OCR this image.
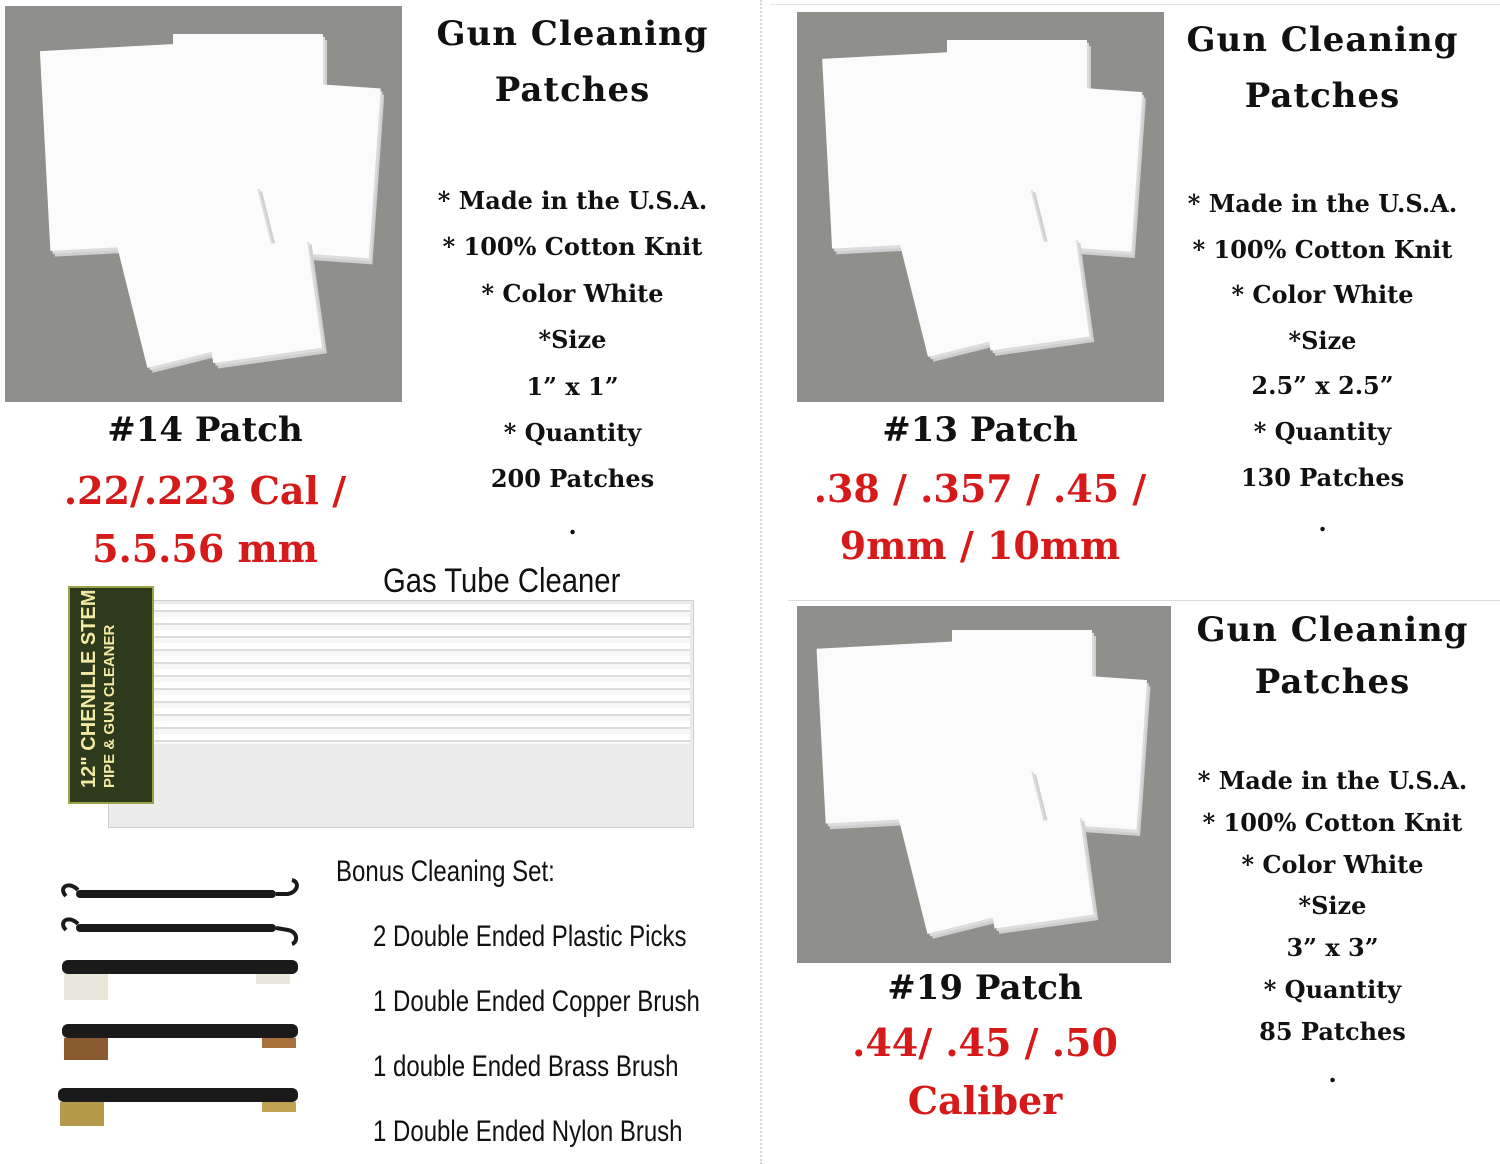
Gun Cleaning
Patches
* Made in the U.S.A.
* 100% Cotton Knit
* Color White
*Size
1” x 1”
* Quantity
200 Patches
.
#14 Patch
.22/.223 Cal /
5.5.56 mm
Gas Tube Cleaner
12" CHENILLE STEM PIPE & GUN CLEANER
Bonus Cleaning Set:
2 Double Ended Plastic Picks
1 Double Ended Copper Brush
1 double Ended Brass Brush
1 Double Ended Nylon Brush
Gun Cleaning
Patches
* Made in the U.S.A.
* 100% Cotton Knit
* Color White
*Size
2.5” x 2.5”
* Quantity
130 Patches
.
#13 Patch
.38 / .357 / .45 /
9mm / 10mm
Gun Cleaning
Patches
* Made in the U.S.A.
* 100% Cotton Knit
* Color White
*Size
3” x 3”
* Quantity
85 Patches
.
#19 Patch
.44/ .45 / .50
Caliber
